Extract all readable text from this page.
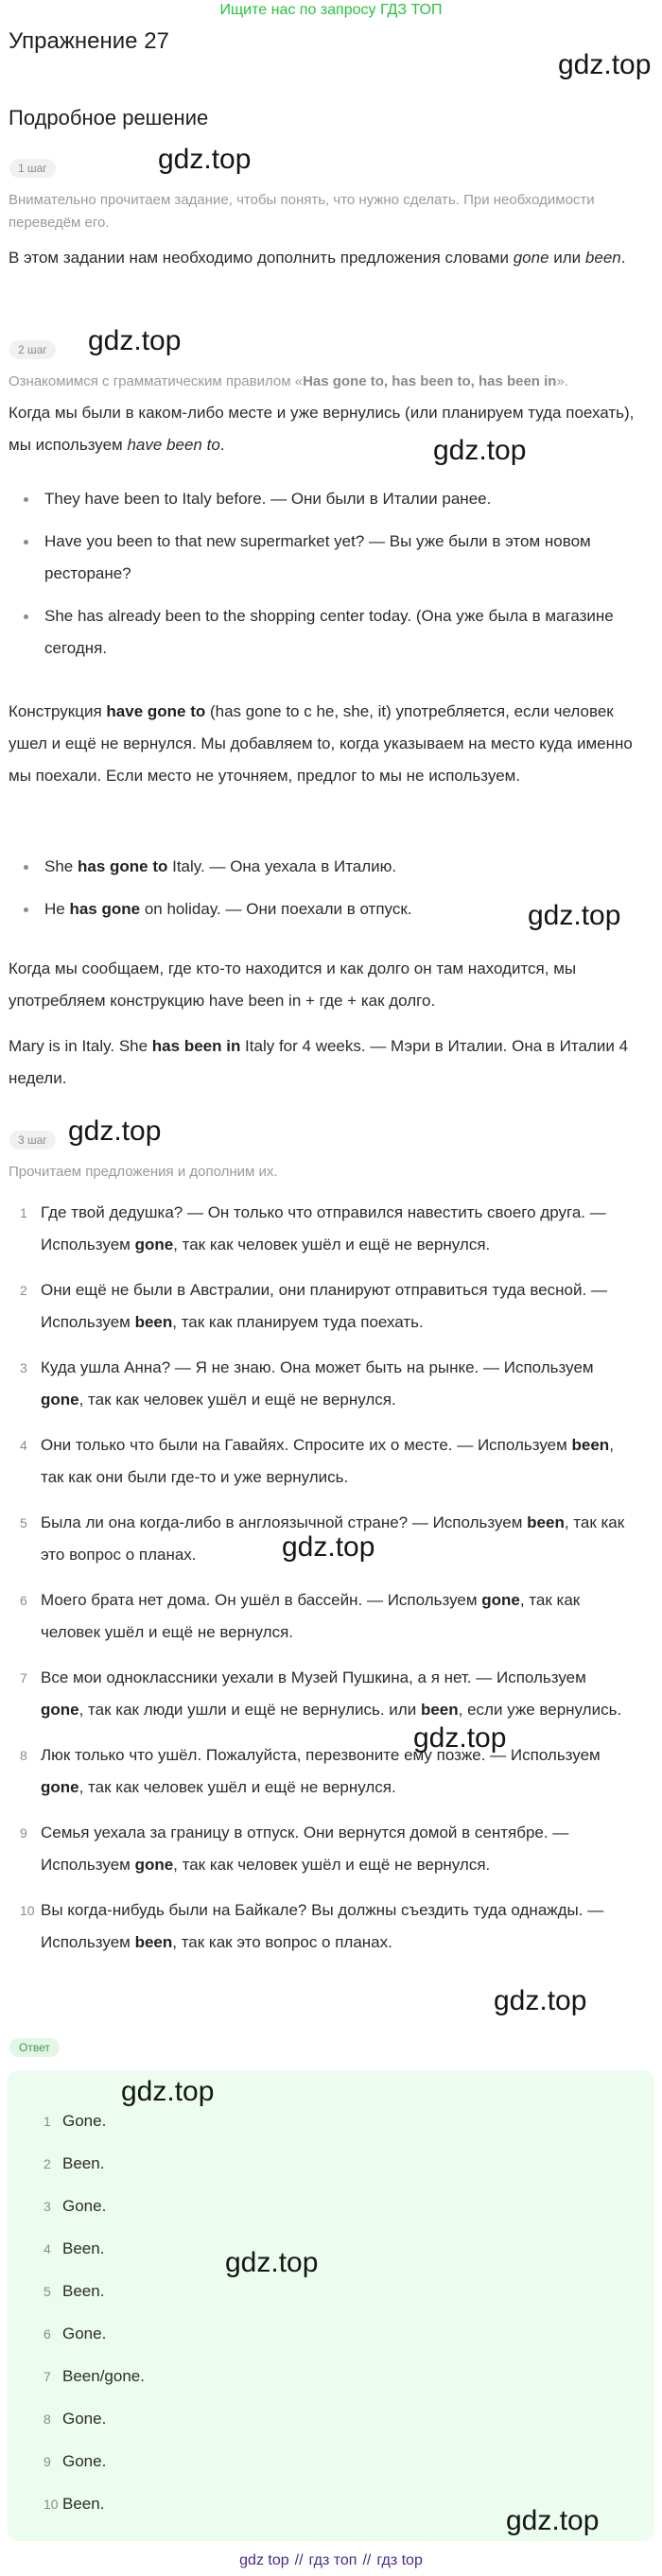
Ищите нас по запросу ГДЗ ТОП
Упражнение 27
gdz.top
Подробное решение
1 шаг	gdz.top
Внимательно прочитаем задание, чтобы понять, что нужно сделать. При необходимости переведём его.
В этом задании нам необходимо дополнить предложения словами gone или been.
2 шаг	gdz.top
Ознакомимся с грамматическим правилом «Has gone to, has been to, has been in».
Когда мы были в каком-либо месте и уже вернулись (или планируем туда поехать), мы используем have been to.	gdz.top
They have been to Italy before. — Они были в Италии ранее.
Have you been to that new supermarket yet? — Вы уже были в этом новом ресторане?
She has already been to the shopping center today. (Она уже была в магазине сегодня.
Конструкция have gone to (has gone to с he, she, it) употребляется, если человек ушел и ещё не вернулся. Мы добавляем to, когда указываем на место куда именно мы поехали. Если место не уточняем, предлог to мы не используем.
She has gone to Italy. — Она уехала в Италию.
He has gone on holiday. — Они поехали в отпуск.	gdz.top
Когда мы сообщаем, где кто-то находится и как долго он там находится, мы употребляем конструкцию have been in + где + как долго.
Mary is in Italy. She has been in Italy for 4 weeks. — Мэри в Италии. Она в Италии 4 недели.
3 шаг gdz.top
Прочитаем предложения и дополним их.
1 Где твой дедушка? — Он только что отправился навестить своего друга. — Используем gone, так как человек ушёл и ещё не вернулся.
2 Они ещё не были в Австралии, они планируют отправиться туда весной. — Используем been, так как планируем туда поехать.
3 Куда ушла Анна? — Я не знаю. Она может быть на рынке. — Используем gone, так как человек ушёл и ещё не вернулся.
4 Они только что были на Гавайях. Спросите их о месте. — Используем been, так как они были где-то и уже вернулись.
5 Была ли она когда-либо в англоязычной стране? — Используем been, так как это вопрос о планах.
6 Моего брата нет дома. Он ушёл в бассейн. — Используем gone, так как человек ушёл и ещё не вернулся.
7 Все мои одноклассники уехали в Музей Пушкина, а я нет. — Используем gone, так как люди ушли и ещё не вернулись. или been, если уже вернулись.
8 Люк только что ушёл. Пожалуйста, перезвоните ему позже. — Используем gone, так как человек ушёл и ещё не вернулся.
9 Семья уехала за границу в отпуск. Они вернутся домой в сентябре. — Используем gone, так как человек ушёл и ещё не вернулся.
10 Вы когда-нибудь были на Байкале? Вы должны съездить туда однажды. — Используем been, так как это вопрос о планах.
gdz.top
gdz.top
gdz.top
Ответ
1 Gone.
2 Been.
3 Gone.
4 Been.
5 Been.
6 Gone.
7 Been/gone.
8 Gone.
9 Gone.
10 Been.
gdz.top
gdz.top
gdz.top
gdz top // гдз топ // гдз top
